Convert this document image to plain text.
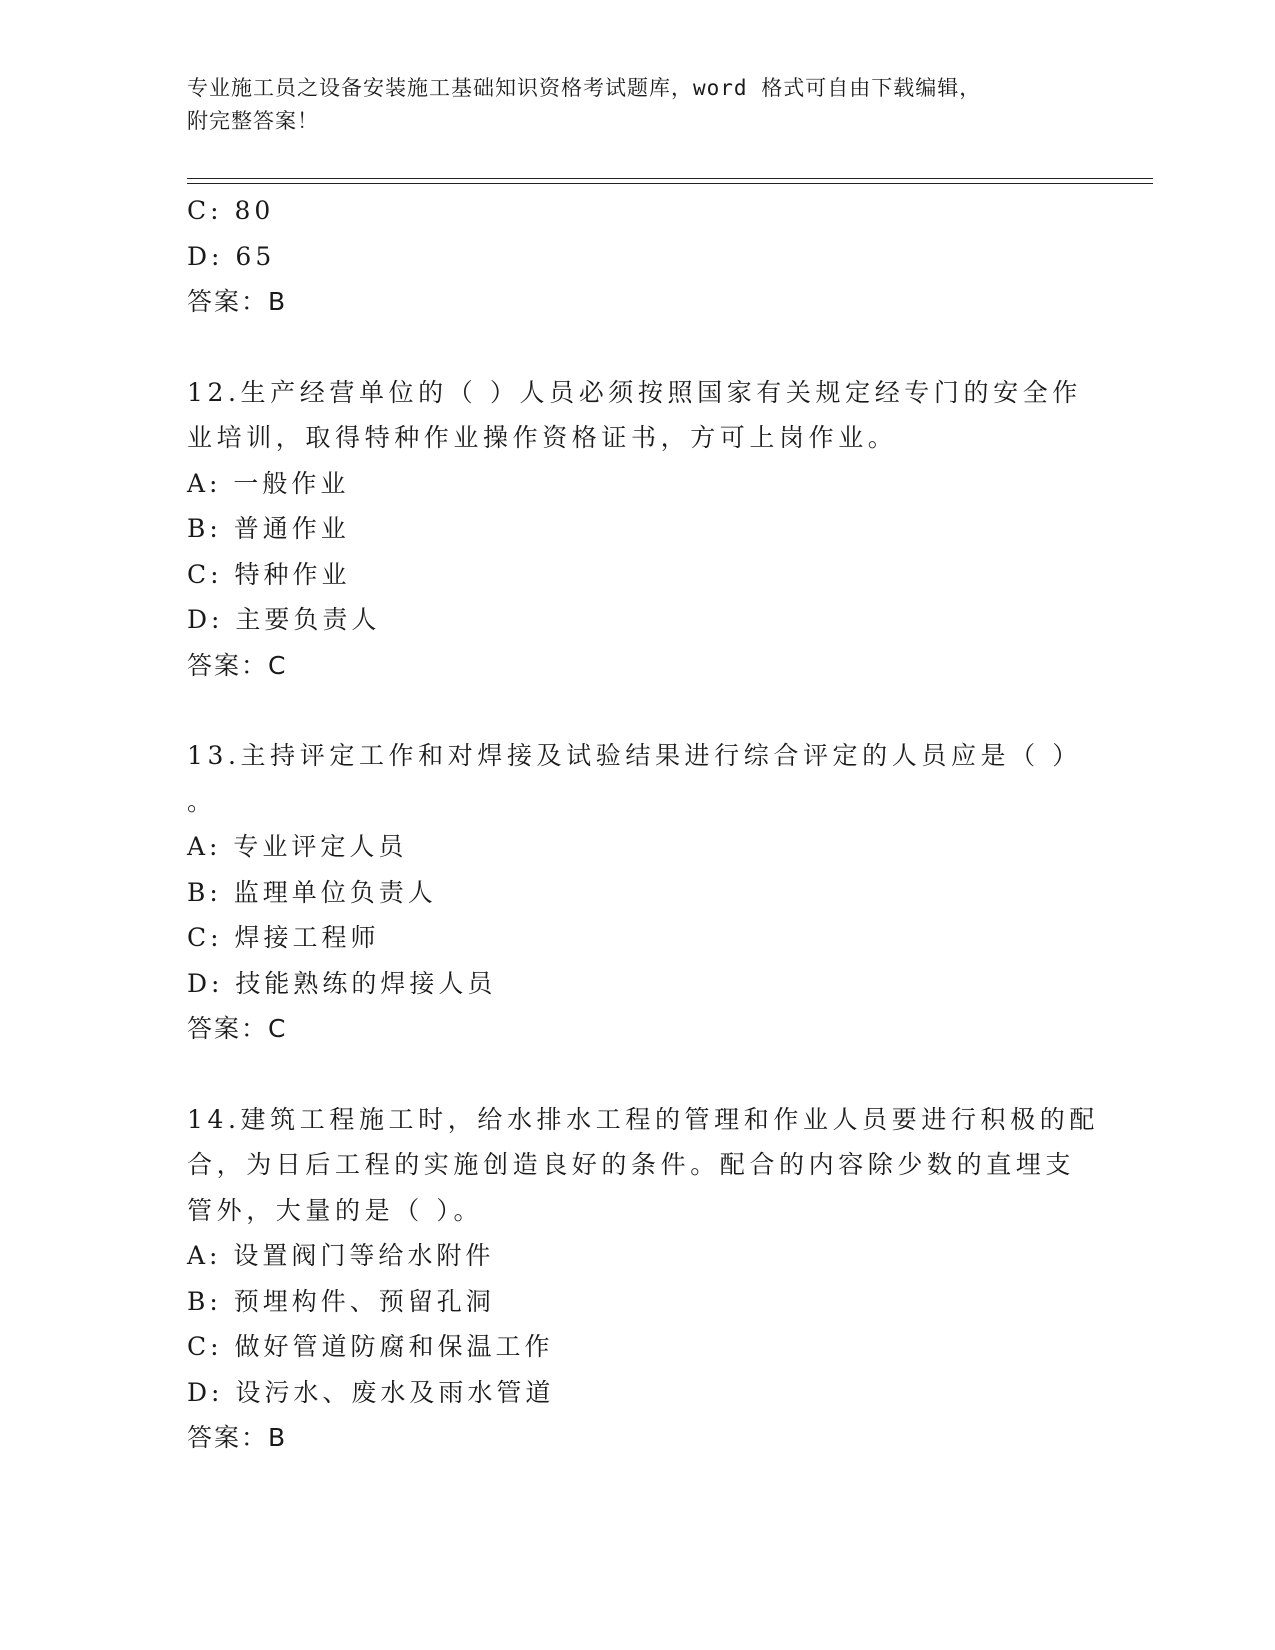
专业施工员之设备安装施工基础知识资格考试题库，word 格式可自由下载编辑，
附完整答案！
C: 80
D: 65
答案：B
12.生产经营单位的（ ）人员必须按照国家有关规定经专门的安全作
业培训，取得特种作业操作资格证书，方可上岗作业。
A: 一般作业
B: 普通作业
C: 特种作业
D: 主要负责人
答案：C
13.主持评定工作和对焊接及试验结果进行综合评定的人员应是（ ）
。
A: 专业评定人员
B: 监理单位负责人
C: 焊接工程师
D: 技能熟练的焊接人员
答案：C
14.建筑工程施工时，给水排水工程的管理和作业人员要进行积极的配
合，为日后工程的实施创造良好的条件。配合的内容除少数的直埋支
管外，大量的是（ ）。
A: 设置阀门等给水附件
B: 预埋构件、预留孔洞
C: 做好管道防腐和保温工作
D: 设污水、废水及雨水管道
答案：B
